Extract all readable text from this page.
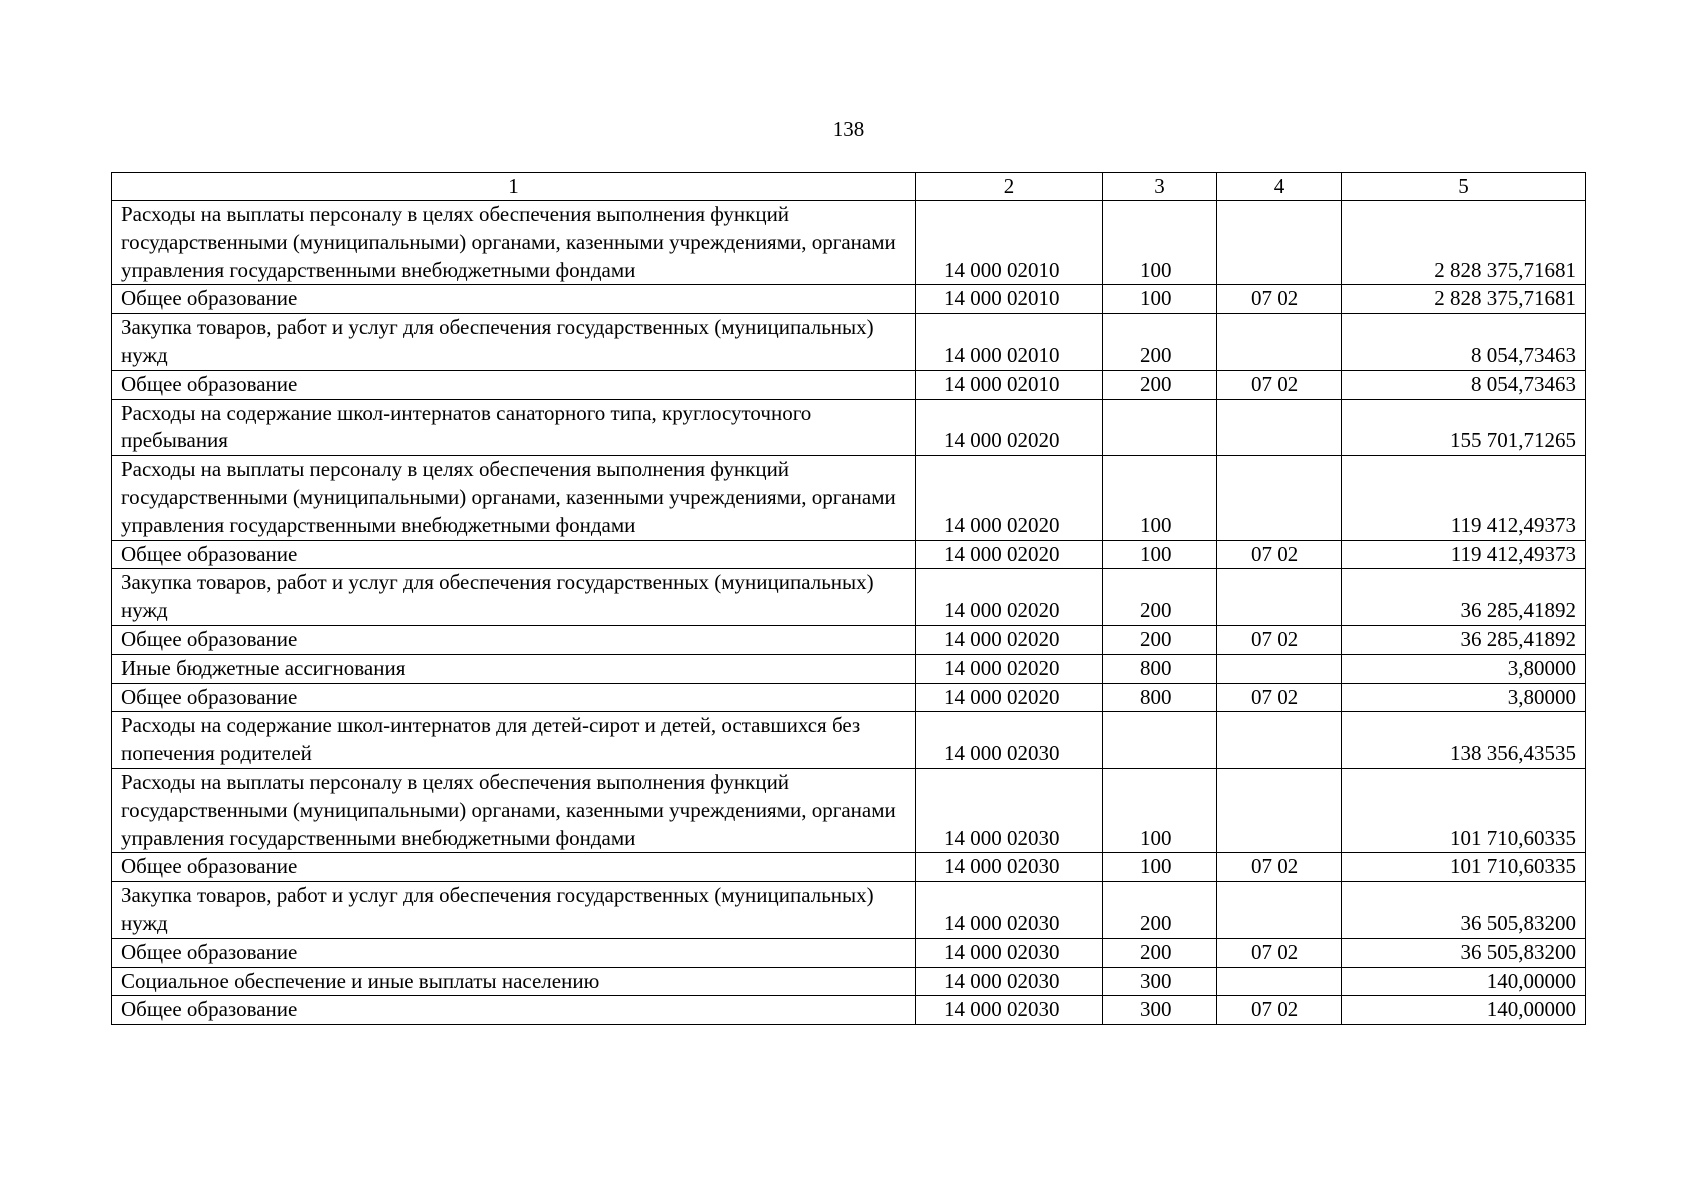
138
1	2	3	4	5
Расходы на выплаты персоналу в целях обеспечения выполнения функций государственными (муниципальными) органами, казенными учреждениями, органами управления государственными внебюджетными фондами	14 000 02010	100		2 828 375,71681
Общее образование	14 000 02010	100	07 02	2 828 375,71681
Закупка товаров, работ и услуг для обеспечения государственных (муниципальных) нужд	14 000 02010	200		8 054,73463
Общее образование	14 000 02010	200	07 02	8 054,73463
Расходы на содержание школ-интернатов санаторного типа, круглосуточного пребывания	14 000 02020			155 701,71265
Расходы на выплаты персоналу в целях обеспечения выполнения функций государственными (муниципальными) органами, казенными учреждениями, органами управления государственными внебюджетными фондами	14 000 02020	100		119 412,49373
Общее образование	14 000 02020	100	07 02	119 412,49373
Закупка товаров, работ и услуг для обеспечения государственных (муниципальных) нужд	14 000 02020	200		36 285,41892
Общее образование	14 000 02020	200	07 02	36 285,41892
Иные бюджетные ассигнования	14 000 02020	800		3,80000
Общее образование	14 000 02020	800	07 02	3,80000
Расходы на содержание школ-интернатов для детей-сирот и детей, оставшихся без попечения родителей	14 000 02030			138 356,43535
Расходы на выплаты персоналу в целях обеспечения выполнения функций государственными (муниципальными) органами, казенными учреждениями, органами управления государственными внебюджетными фондами	14 000 02030	100		101 710,60335
Общее образование	14 000 02030	100	07 02	101 710,60335
Закупка товаров, работ и услуг для обеспечения государственных (муниципальных) нужд	14 000 02030	200		36 505,83200
Общее образование	14 000 02030	200	07 02	36 505,83200
Социальное обеспечение и иные выплаты населению	14 000 02030	300		140,00000
Общее образование	14 000 02030	300	07 02	140,00000
